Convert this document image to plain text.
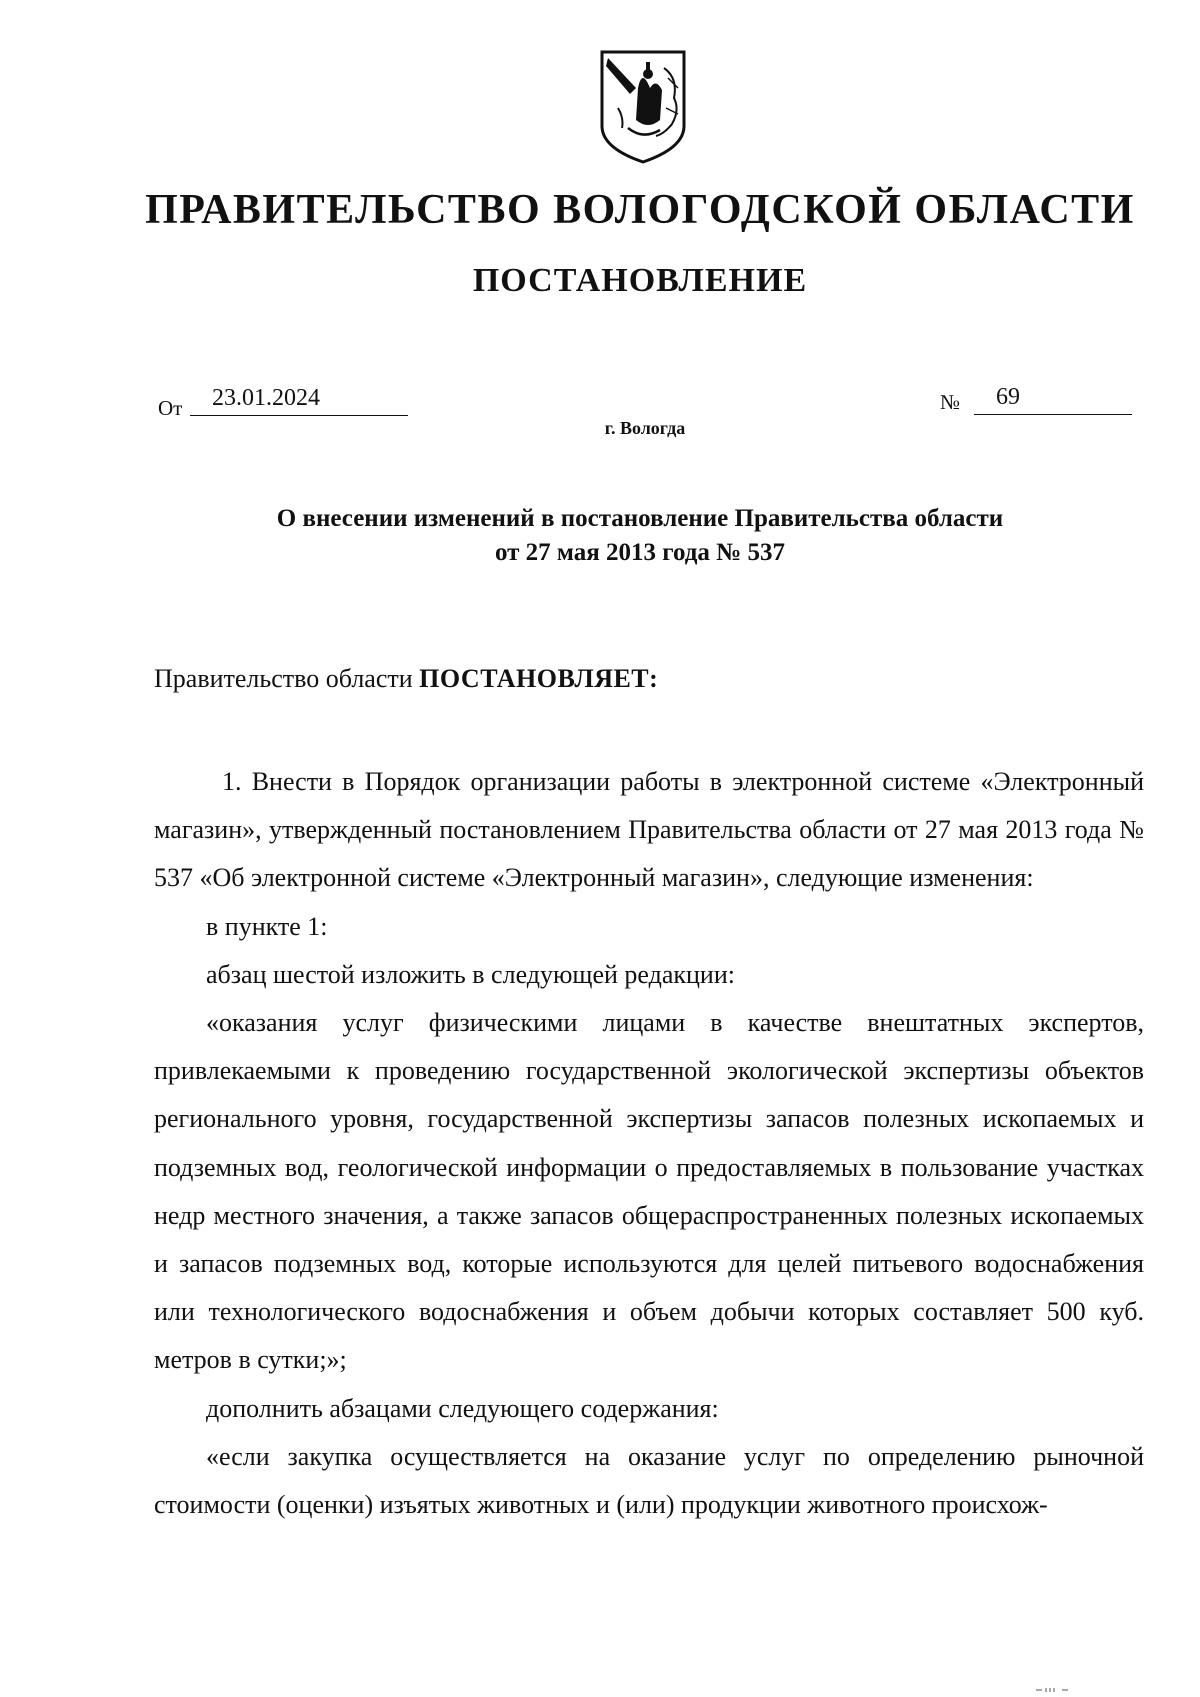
ПРАВИТЕЛЬСТВО ВОЛОГОДСКОЙ ОБЛАСТИ
ПОСТАНОВЛЕНИЕ
От	23.01.2024	№	69
г. Вологда
О внесении изменений в постановление Правительства области
от 27 мая 2013 года № 537
Правительство области ПОСТАНОВЛЯЕТ:

1. Внести в Порядок организации работы в электронной системе «Электронный магазин», утвержденный постановлением Правительства области от 27 мая 2013 года № 537 «Об электронной системе «Электронный магазин», следующие изменения:

в пункте 1:

абзац шестой изложить в следующей редакции:

«оказания услуг физическими лицами в качестве внештатных экспертов, привлекаемыми к проведению государственной экологической экспертизы объектов регионального уровня, государственной экспертизы запасов полезных ископаемых и подземных вод, геологической информации о предоставляемых в пользование участках недр местного значения, а также запасов общераспространенных полезных ископаемых и запасов подземных вод, которые используются для целей питьевого водоснабжения или технологического водоснабжения и объем добычи которых составляет 500 куб. метров в сутки;»;

дополнить абзацами следующего содержания:

«если закупка осуществляется на оказание услуг по определению рыночной стоимости (оценки) изъятых животных и (или) продукции животного происхож-
